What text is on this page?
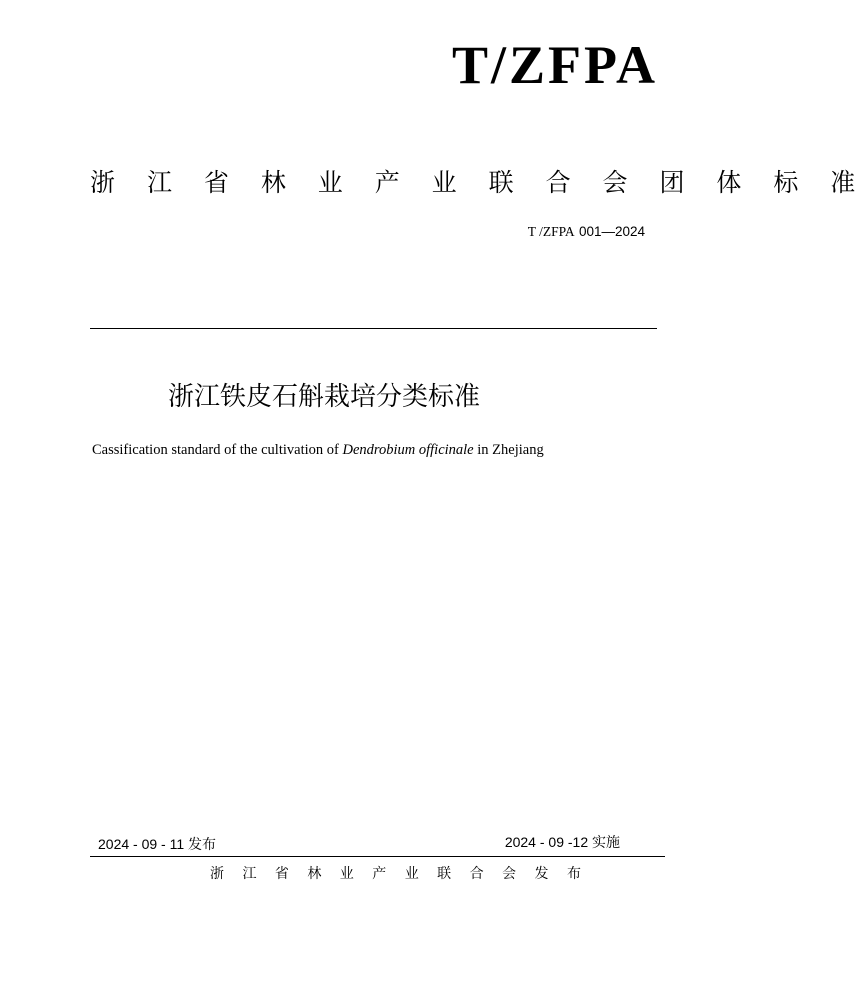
T/ZFPA
浙 江 省 林 业 产 业 联 合 会 团 体 标 准
T /ZFPA 001—2024
浙江铁皮石斛栽培分类标准
Cassification standard of the cultivation of Dendrobium officinale in Zhejiang
2024 - 09 - 11 发布	2024 - 09 -12 实施
浙 江 省 林 业 产 业 联 合 会 发 布
